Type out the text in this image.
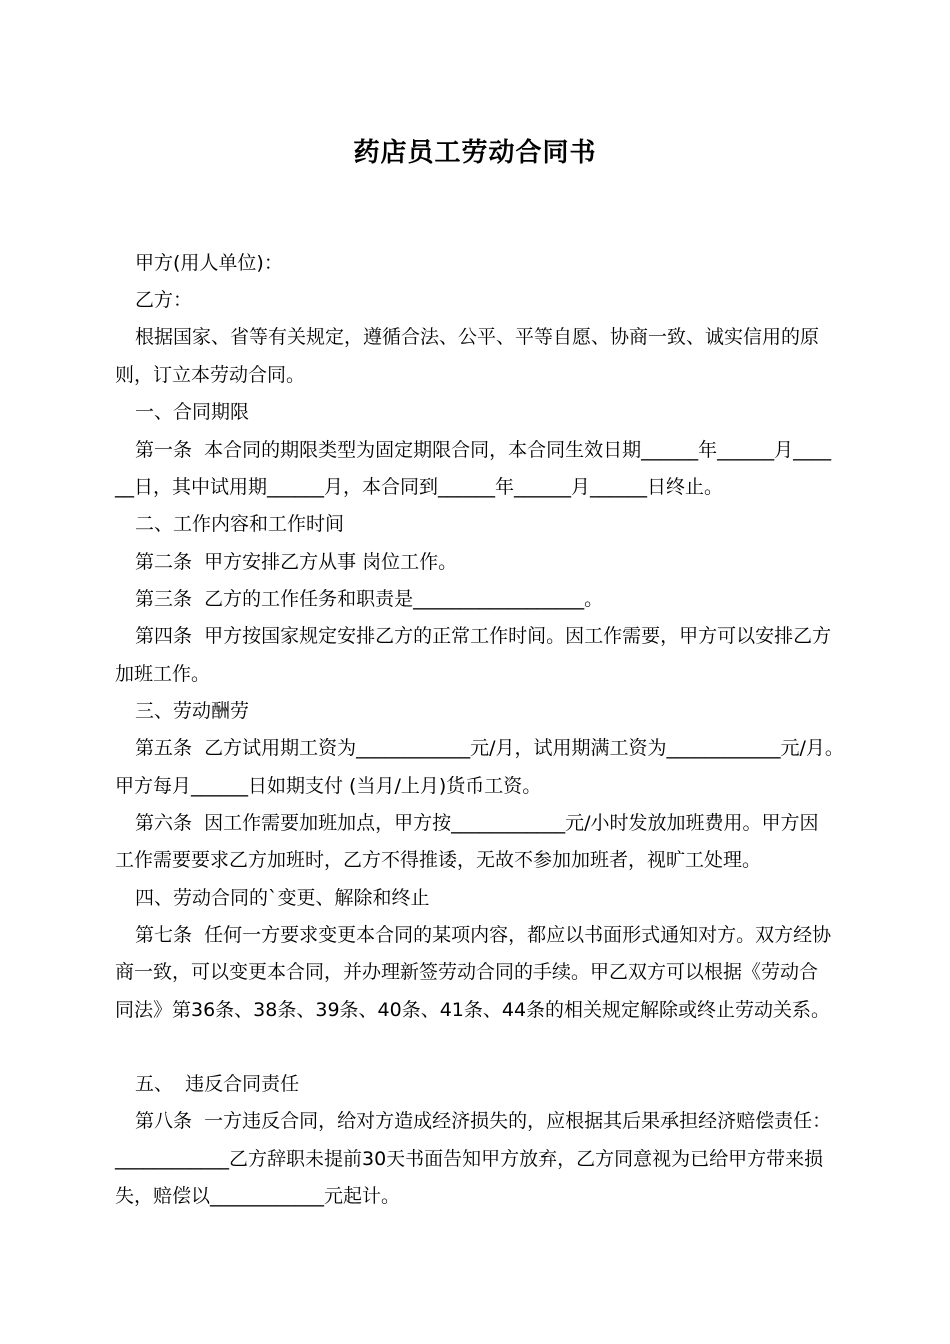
药店员工劳动合同书
甲方(用人单位)：
乙方：
根据国家、省等有关规定，遵循合法、公平、平等自愿、协商一致、诚实信用的原
则，订立本劳动合同。
一、合同期限
第一条  本合同的期限类型为固定期限合同，本合同生效日期______年______月____
__日，其中试用期______月，本合同到______年______月______日终止。
二、工作内容和工作时间
第二条  甲方安排乙方从事 岗位工作。
第三条  乙方的工作任务和职责是__________________。
第四条  甲方按国家规定安排乙方的正常工作时间。因工作需要，甲方可以安排乙方
加班工作。
三、劳动酬劳
第五条  乙方试用期工资为____________元/月，试用期满工资为____________元/月。
甲方每月______日如期支付 (当月/上月)货币工资。
第六条  因工作需要加班加点，甲方按____________元/小时发放加班费用。甲方因
工作需要要求乙方加班时，乙方不得推诿，无故不参加加班者，视旷工处理。
四、劳动合同的`变更、解除和终止
第七条  任何一方要求变更本合同的某项内容，都应以书面形式通知对方。双方经协
商一致，可以变更本合同，并办理新签劳动合同的手续。甲乙双方可以根据《劳动合
同法》第36条、38条、39条、40条、41条、44条的相关规定解除或终止劳动关系。
五、  违反合同责任
第八条  一方违反合同，给对方造成经济损失的，应根据其后果承担经济赔偿责任：
____________乙方辞职未提前30天书面告知甲方放弃，乙方同意视为已给甲方带来损
失，赔偿以____________元起计。
